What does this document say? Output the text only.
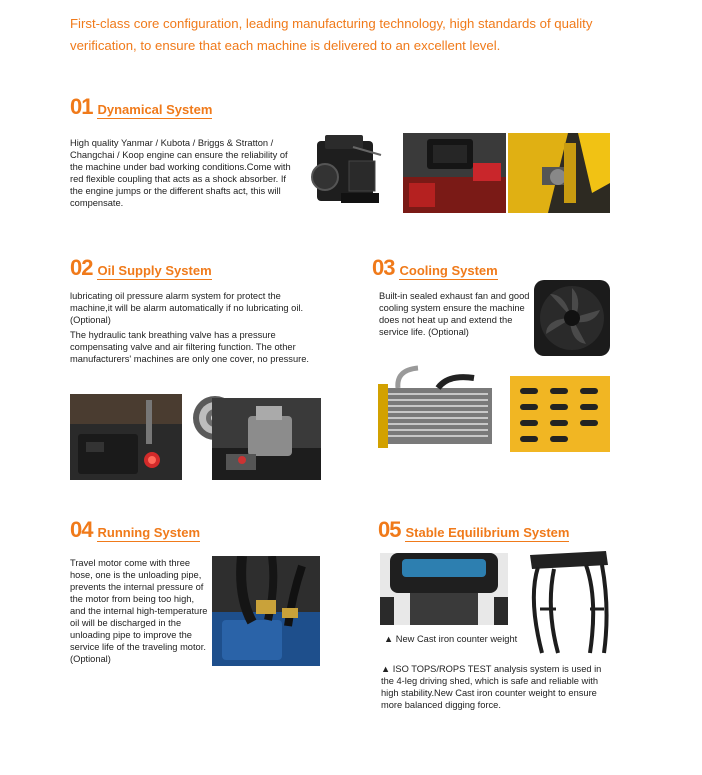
First-class core configuration, leading manufacturing technology, high standards of quality verification, to ensure that each machine is delivered to an excellent level.
01 Dynamical System
High quality Yanmar / Kubota / Briggs & Stratton / Changchai / Koop engine can ensure the reliability of the machine under bad working conditions.Come with red flexible coupling that acts as a shock absorber. If the engine jumps or the different shafts act, this will compensate.
02 Oil Supply System
lubricating oil pressure alarm system for protect the machine,it will be alarm automatically if no lubricating oil.(Optional)
The hydraulic tank breathing valve has a pressure compensating valve and air filtering function. The other manufacturers' machines are only one cover, no pressure.
03 Cooling System
Built-in sealed exhaust fan and good cooling system ensure the machine does not heat up and extend the service life. (Optional)
04 Running System
Travel motor come with three hose, one is the unloading pipe, prevents the internal pressure of the motor from being too high, and the internal high-temperature oil will be discharged in the unloading pipe to improve the service life of the traveling motor. (Optional)
05 Stable Equilibrium System
▲ New Cast iron counter weight
▲ ISO TOPS/ROPS TEST analysis system is used in the 4-leg driving shed, which is safe and reliable with high stability.New Cast iron counter weight to ensure more balanced digging force.
